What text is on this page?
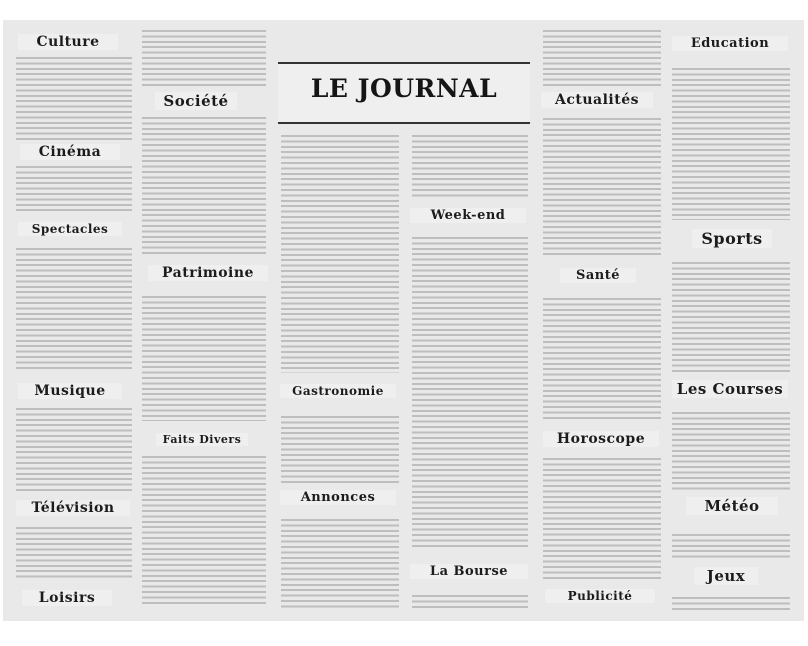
Culture
Cinéma
Spectacles
Musique
Télévision
Loisirs
Société
Patrimoine
Faits Divers
LE JOURNAL
Gastronomie
Annonces
Week-end
La Bourse
Actualités
Santé
Horoscope
Publicité
Education
Sports
Les Courses
Météo
Jeux
